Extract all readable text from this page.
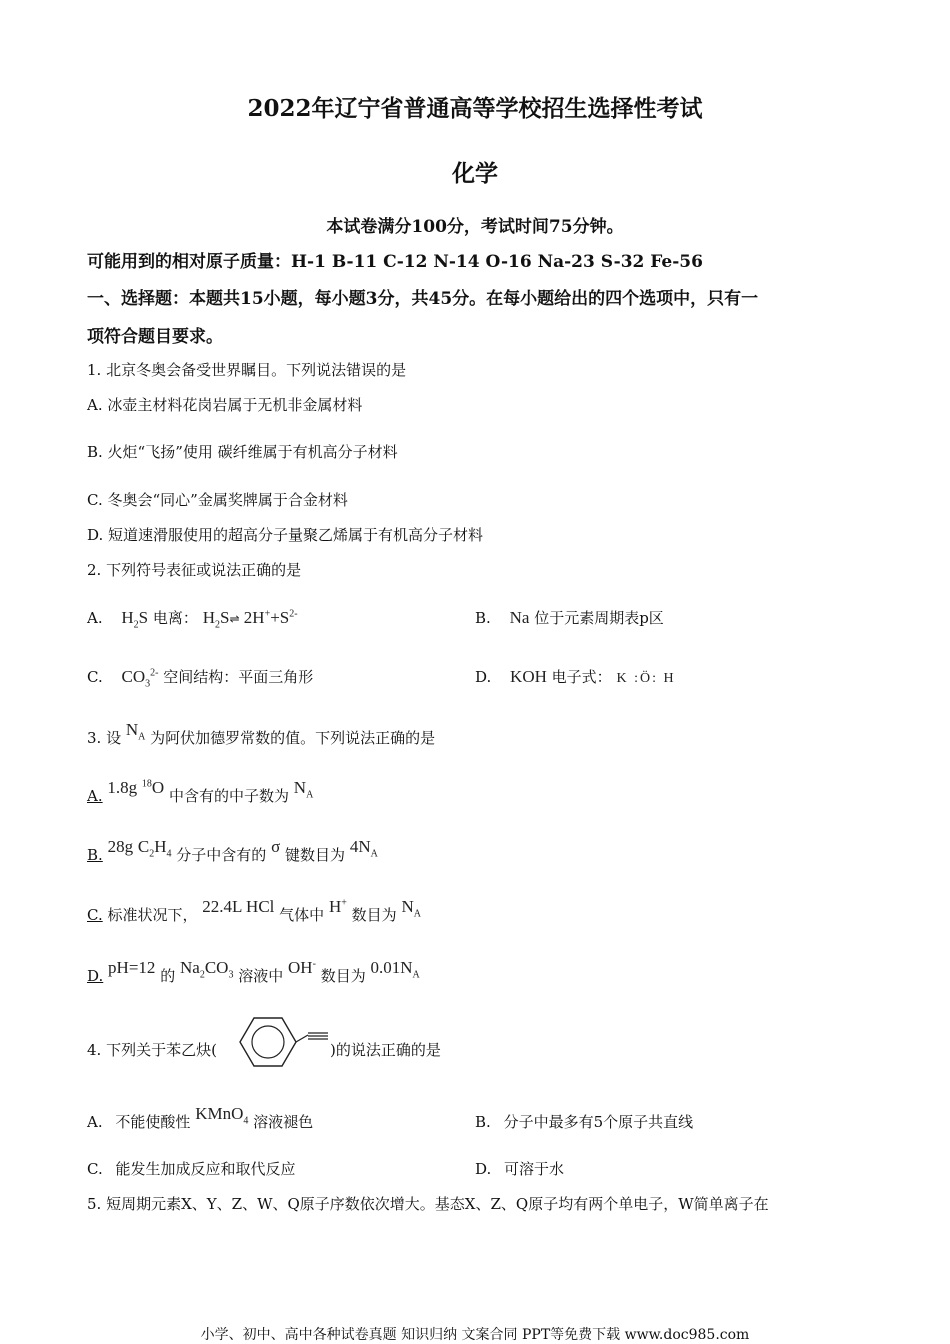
2022年辽宁省普通高等学校招生选择性考试
化学
本试卷满分100分，考试时间75分钟。
可能用到的相对原子质量：H-1 B-11 C-12 N-14 O-16 Na-23 S-32 Fe-56
一、选择题：本题共15小题，每小题3分，共45分。在每小题给出的四个选项中，只有一
项符合题目要求。
1. 北京冬奥会备受世界瞩目。下列说法错误的是
A. 冰壶主材料花岗岩属于无机非金属材料
B. 火炬“飞扬”使用 碳纤维属于有机高分子材料
C. 冬奥会“同心”金属奖牌属于合金材料
D. 短道速滑服使用的超高分子量聚乙烯属于有机高分子材料
2. 下列符号表征或说法正确的是
A. $H_2S$ 电离： $H_2S\rightleftharpoons$ $2H^++S^{2-}$	B. Na 位于元素周期表p区
C. $CO_3^{2-}$ 空间结构：平面三角形	D. KOH 电子式： K :Ö: H
3. 设 $N_A$ 为阿伏加德罗常数的值。下列说法正确的是
A. 1.8g $^{18}$O 中含有的中子数为 $N_A$
B. 28g $C_2H_4$ 分子中含有的 σ 键数目为 $4N_A$
C. 标准状况下， 22.4L HCl 气体中 H+ 数目为 $N_A$
D. pH=12 的 $Na_2CO_3$ 溶液中 OH- 数目为 $0.01N_A$
4. 下列关于苯乙炔(	)的说法正确的是
A. 不能使酸性 KMnO$_4$ 溶液褪色	B. 分子中最多有5个原子共直线
C. 能发生加成反应和取代反应	D. 可溶于水
5. 短周期元素X、Y、Z、W、Q原子序数依次增大。基态X、Z、Q原子均有两个单电子，W简单离子在
小学、初中、高中各种试卷真题 知识归纳 文案合同 PPT等免费下载 www.doc985.com
